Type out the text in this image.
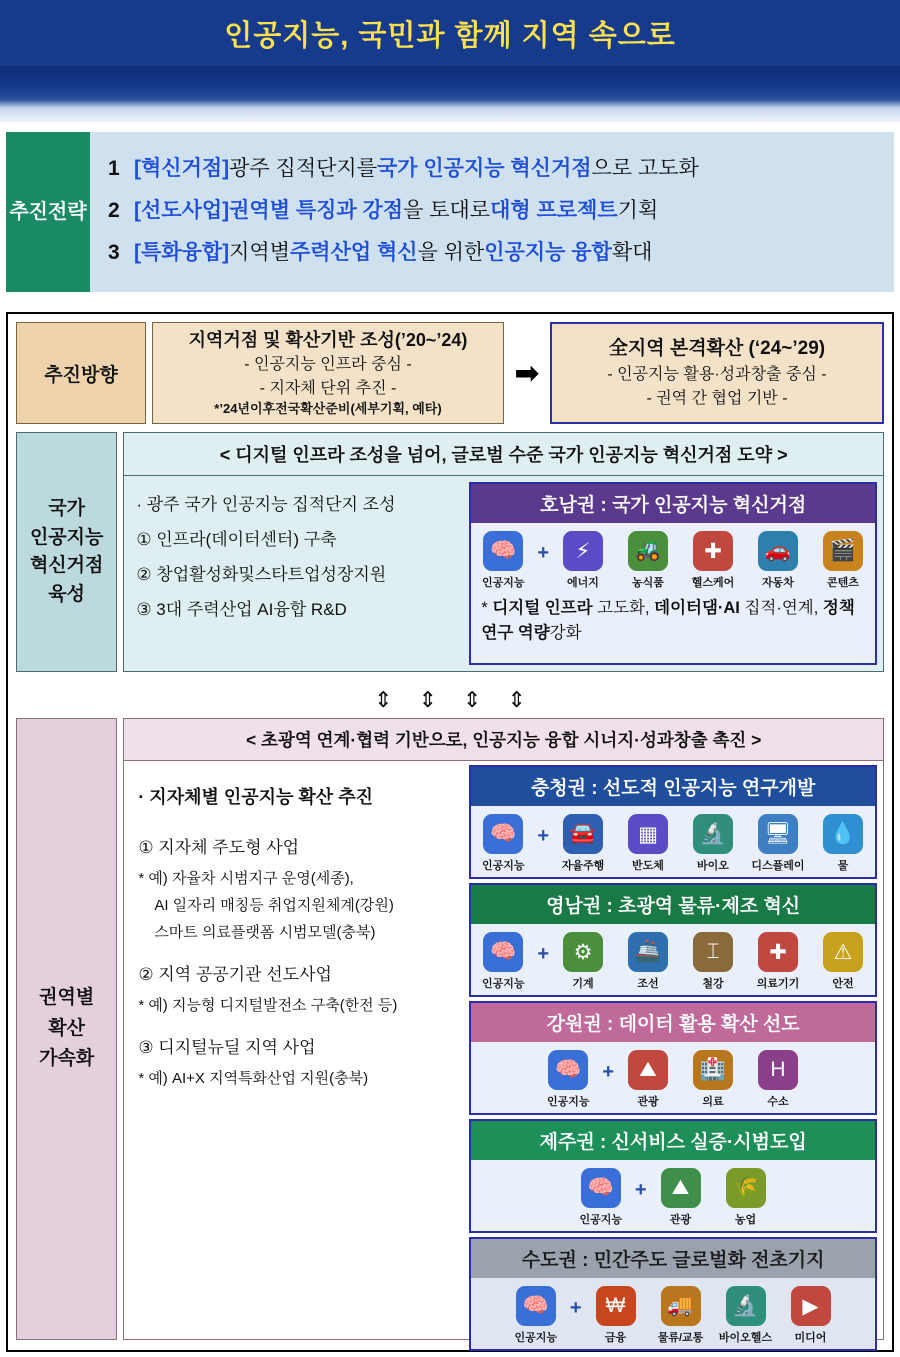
인공지능, 국민과 함께 지역 속으로
추진전략
1 [혁신거점] 광주 집적단지를 국가 인공지능 혁신거점 으로 고도화
2 [선도사업] 권역별 특징과 강점 을 토대로 대형 프로젝트 기획
3 [특화융합] 지역별 주력산업 혁신 을 위한 인공지능 융합 확대
추진방향
지역거점 및 확산기반 조성(’20~’24)
- 인공지능 인프라 중심 -
- 지자체 단위 추진 -
*’24년이후전국확산준비(세부기획, 예타)
➡
全지역 본격확산 (‘24~’29)
- 인공지능 활용·성과창출 중심 -
- 권역 간 협업 기반 -
국가
인공지능
혁신거점
육성
< 디지털 인프라 조성을 넘어, 글로벌 수준 국가 인공지능 혁신거점 도약 >
· 광주 국가 인공지능 집적단지 조성
① 인프라(데이터센터) 구축
② 창업활성화및스타트업성장지원
③ 3대 주력산업 AI융합 R&D
호남권 : 국가 인공지능 혁신거점
🧠
인공지능
+	⚡
에너지
🚜
농식품
✚
헬스케어
🚗
자동차
🎬
콘텐츠
* 디지털 인프라 고도화, 데이터댐·AI 집적·연계, 정책연구 역량강화
⇕ ⇕ ⇕ ⇕
권역별
확산
가속화
< 초광역 연계·협력 기반으로, 인공지능 융합 시너지·성과창출 촉진 >
· 지자체별 인공지능 확산 추진
① 지자체 주도형 사업
* 예) 자율차 시범지구 운영(세종),
AI 일자리 매칭등 취업지원체계(강원)
스마트 의료플랫폼 시범모델(충북)
② 지역 공공기관 선도사업
* 예) 지능형 디지털발전소 구축(한전 등)
③ 디지털뉴딜 지역 사업
* 예) AI+X 지역특화산업 지원(충북)
충청권 : 선도적 인공지능 연구개발
🧠
인공지능
+ 🚘
자율주행
▦
반도체
🔬
바이오
🖥
디스플레이
💧
물
영남권 : 초광역 물류·제조 혁신
🧠
인공지능
+	⚙
기계
🚢
조선
⌶
철강
✚
의료기기
⚠
안전
강원권 : 데이터 활용 확산 선도
🧠
인공지능
+	⛰
관광
🏥
의료
H
수소
제주권 : 신서비스 실증·시범도입
🧠
인공지능
+	⛰
관광
🌾
농업
수도권 : 민간주도 글로벌화 전초기지
🧠
인공지능
+	₩
금융
🚚
물류/교통
🔬
바이오헬스
▶
미디어
